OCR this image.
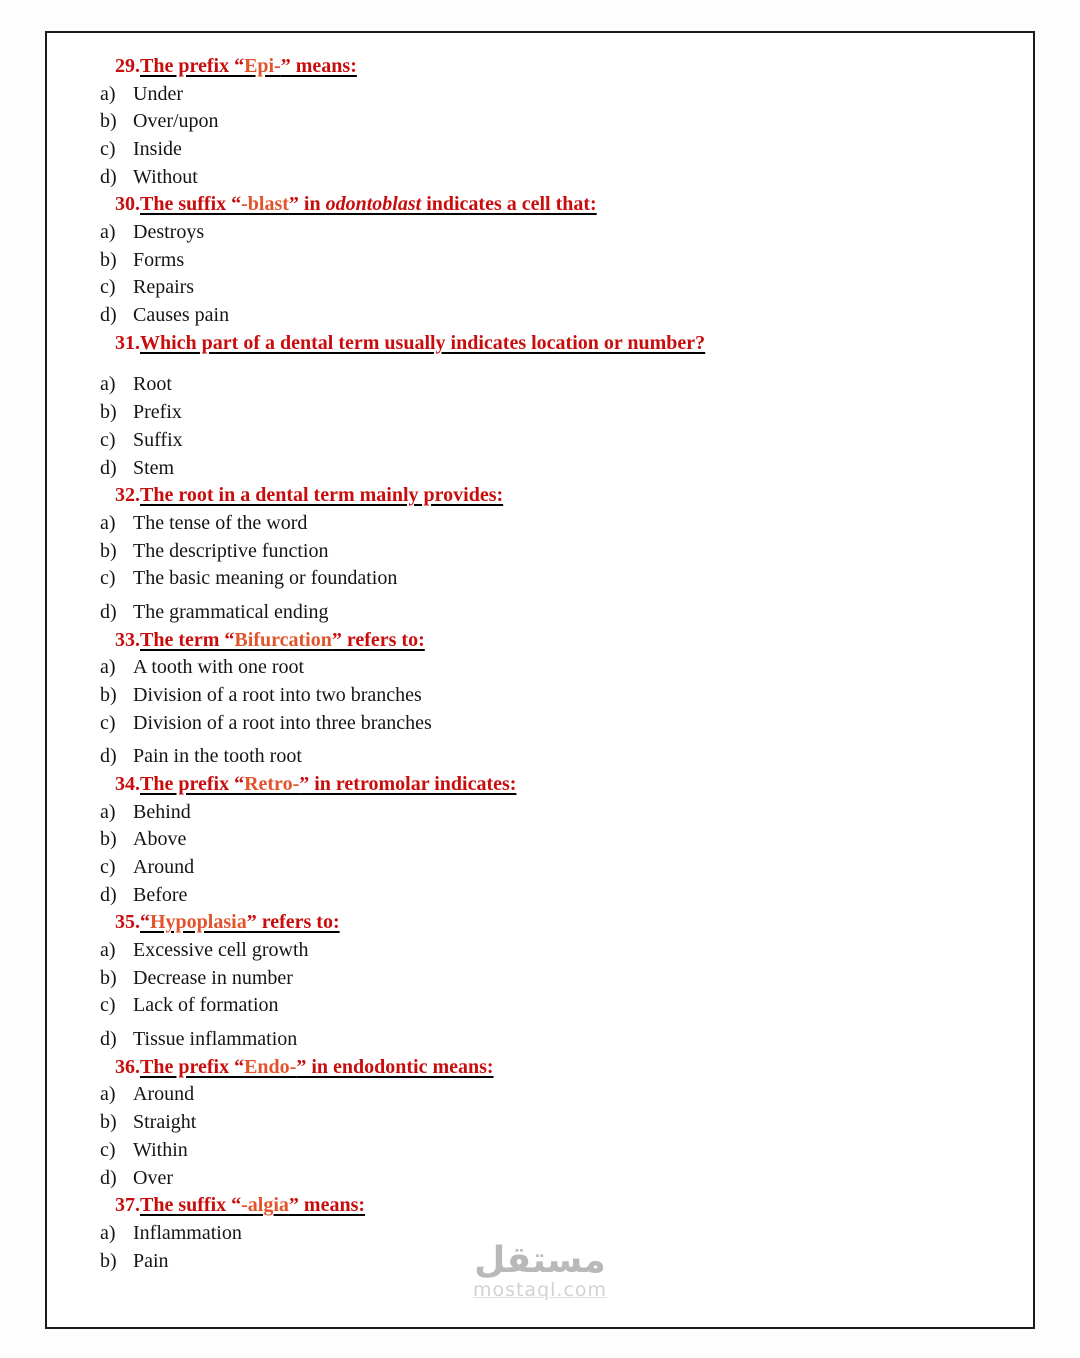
29.The prefix “Epi-” means:
a) Under
b) Over/upon
c) Inside
d) Without
30.The suffix “-blast” in odontoblast indicates a cell that:
a) Destroys
b) Forms
c) Repairs
d) Causes pain
31.Which part of a dental term usually indicates location or number?
a) Root
b) Prefix
c) Suffix
d) Stem
32.The root in a dental term mainly provides:
a) The tense of the word
b) The descriptive function
c) The basic meaning or foundation
d) The grammatical ending
33.The term “Bifurcation” refers to:
a) A tooth with one root
b) Division of a root into two branches
c) Division of a root into three branches
d) Pain in the tooth root
34.The prefix “Retro-” in retromolar indicates:
a) Behind
b) Above
c) Around
d) Before
35.“Hypoplasia” refers to:
a) Excessive cell growth
b) Decrease in number
c) Lack of formation
d) Tissue inflammation
36.The prefix “Endo-” in endodontic means:
a) Around
b) Straight
c) Within
d) Over
37.The suffix “-algia” means:
a) Inflammation
b) Pain	مستقل
mostaql.com
